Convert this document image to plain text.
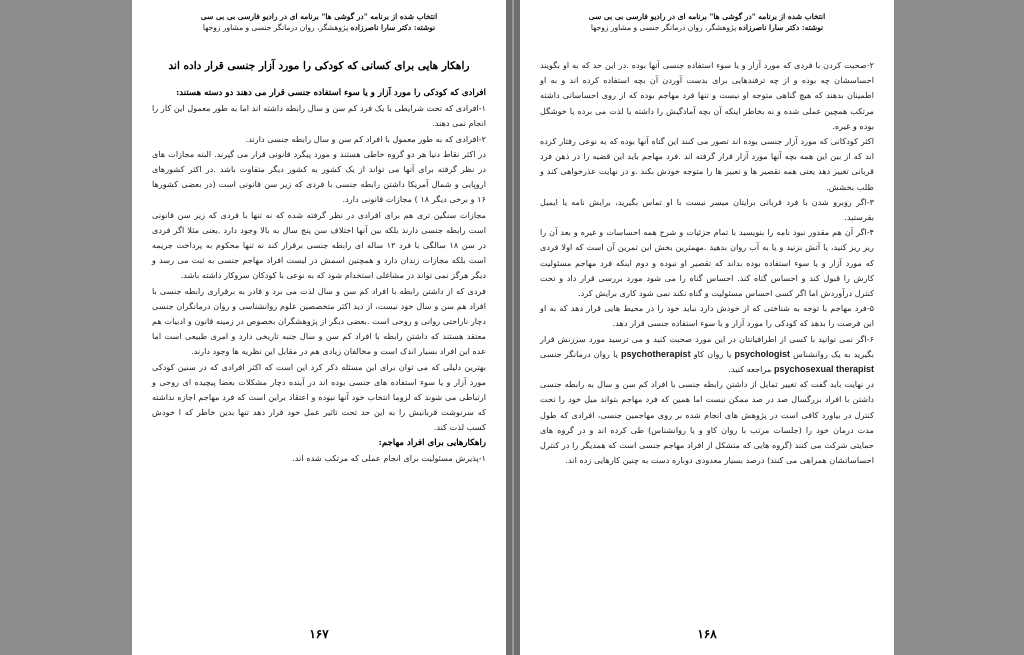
انتخاب شده از برنامه "در گوشی ها" برنامه ای در رادیو فارسی بی بی سی
نوشته: دکتر سارا ناصرزاده پژوهشگر، روان درمانگر جنسی و مشاور زوجها
راهکار هایی برای کسانی که کودکی را مورد آزار جنسی قرار داده اند

افرادی که کودکی را مورد آزار و یا سوء استفاده جنسی قرار می دهند دو دسته هستند:

۱-افرادی که تحت شرایطی با یک فرد کم سن و سال رابطه داشته اند اما به طور معمول این کار را انجام نمی دهند.

۲-افرادی که به طور معمول با افراد کم سن و سال رابطه جنسی دارند.

در اکثر نقاط دنیا هر دو گروه خاطی هستند و مورد پیگرد قانونی قرار می گیرند. البته مجازات های در نظر گرفته برای آنها می تواند از یک کشور به کشور دیگر متفاوت باشد .در اکثر کشورهای اروپایی و شمال آمریکا داشتن رابطه جنسی با فردی که زیر سن قانونی است (در بعضی کشورها ۱۶ و برخی دیگر ۱۸ ) مجازات قانونی دارد.

مجازات سنگین تری هم برای افرادی در نظر گرفته شده که نه تنها با فردی که زیر سن قانونی است رابطه جنسی دارند بلکه بین آنها اختلاف سن پنج سال به بالا وجود دارد .یعنی مثلا اگر فردی در سن ۱۸ سالگی با فرد ۱۲ ساله ای رابطه جنسی برقرار کند نه تنها محکوم به پرداخت جریمه است بلکه مجازات زندان دارد و همچنین اسمش در لیست افراد مهاجم جنسی به ثبت می رسد و دیگر هرگز نمی تواند در مشاغلی استخدام شود که به نوعی با کودکان سروکار داشته باشد.

فردی که از داشتن رابطه با افراد کم سن و سال لذت می برد و قادر به برقراری رابطه جنسی با افراد هم سن و سال خود نیست، از دید اکثر متخصصین علوم روانشناسی و روان درمانگران جنسی دچار ناراحتی روانی و روحی است .بعضی دیگر از پژوهشگران بخصوص در زمینه قانون و ادبیات هم معتقد هستند که داشتن رابطه با افراد کم سن و سال جنبه تاریخی دارد و امری طبیعی است اما عده این افراد بسیار اندک است و مخالفان زیادی هم در مقابل این نظریه ها وجود دارند.

بهترین دلیلی که می توان برای این مسئله ذکر کرد این است که اکثر افرادی که در سنین کودکی مورد آزار و یا سوء استفاده های جنسی بوده اند در آینده دچار مشکلات بعضا پیچیده ای روحی و ارتباطی می شوند که لزوما انتخاب خود آنها نبوده و اعتقاد براین است که فرد مهاجم اجازه نداشته که سرنوشت قربانیش را به این حد تحت تاثیر عمل خود قرار دهد تنها بدین خاطر که ا خودش کسب لذت کند.

راهکارهایی برای افراد مهاجم:

۱-پذیرش مسئولیت برای انجام عملی که مرتکب شده اند.

۱۶۷
انتخاب شده از برنامه "در گوشی ها" برنامه ای در رادیو فارسی بی بی سی
نوشته: دکتر سارا ناصرزاده پژوهشگر، روان درمانگر جنسی و مشاور زوجها

۲-صحبت کردن با فردی که مورد آزار و یا سوء استفاده جنسی آنها بوده .در این حد که به او بگویند احساسشان چه بوده و از چه ترفندهایی برای بدست آوردن آن بچه استفاده کرده اند و به او اطمینان بدهند که هیچ گناهی متوجه او نیست و تنها فرد مهاجم بوده که از روی احساساتی داشته مرتکب همچین عملی شده و نه بخاطر اینکه آن بچه آمادگیش را داشته یا لذت می برده یا خوشگل بوده و غیره.

اکثر کودکانی که مورد آزار جنسی بوده اند تصور می کنند این گناه آنها بوده که به نوعی رفتار کرده اند که از بین این همه بچه آنها مورد آزار قرار گرفته اند .فرد مهاجم باید این قضیه را در ذهن فرد قربانی تغییر دهد یعنی همه تقصیر ها و تعبیر ها را متوجه خودش بکند .و در نهایت عذرخواهی کند و طلب بخشش.

۳-اگر روبرو شدن با فرد قربانی برایتان میسر نیست با او تماس بگیرید، برایش نامه یا ایمیل بفرستید.

۴-اگر آن هم مقدور نبود نامه را بنویسید با تمام جزئیات و شرح همه احساسات و غیره و بعد آن را ریز ریز کنید، یا آتش بزنید و یا به آب روان بدهید .مهمترین بخش این تمرین آن است که اولا فردی که مورد آزار و یا سوء استفاده بوده بداند که تقصیر او نبوده و دوم اینکه فرد مهاجم مسئولیت کارش را قبول کند و احساس گناه کند. احساس گناه را می شود مورد بررسی قرار داد و تحت کنترل درآوردش اما اگر کسی احساس مسئولیت و گناه نکند نمی شود کاری برایش کرد.

۵-فرد مهاجم با توجه به شناختی که از خودش دارد نباید خود را در محیط هایی قرار دهد که به او این فرصت را بدهد که کودکی را مورد آزار و یا سوء استفاده جنسی قرار دهد.

۶-اگر نمی توانید با کسی از اطرافیانتان در این مورد صحبت کنید و می ترسید مورد سرزنش قرار بگیرید به یک روانشناس psychologist یا روان کاو psychotherapist یا روان درمانگر جنسی psychosexual therapist مراجعه کنید.

در نهایت باید گفت که تغییر تمایل از داشتن رابطه جنسی با افراد کم سن و سال به رابطه جنسی داشتن با افراد بزرگسال صد در صد ممکن نیست اما همین که فرد مهاجم بتواند میل خود را تحت کنترل در بیاورد کافی است در پژوهش های انجام شده بر روی مهاجمین جنسی، افرادی که طول مدت درمان خود را (جلسات مرتب با روان کاو و یا روانشناس) طی کرده اند و در گروه های حمایتی شرکت می کنند (گروه هایی که متشکل از افراد مهاجم جنسی است که همدیگر را در کنترل احساساتشان همراهی می کنند) درصد بسیار معدودی دوباره دست به چنین کارهایی زده اند.

۱۶۸
